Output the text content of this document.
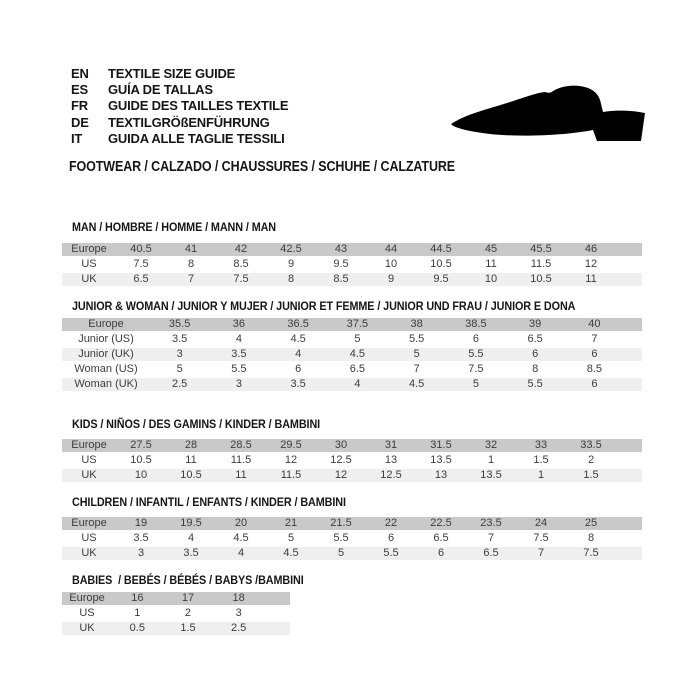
EN	TEXTILE SIZE GUIDE
ES	GUÍA DE TALLAS
FR	GUIDE DES TAILLES TEXTILE
DE	TEXTILGRÖßENFÜHRUNG
IT	GUIDA ALLE TAGLIE TESSILI
FOOTWEAR / CALZADO / CHAUSSURES / SCHUHE / CALZATURE
MAN / HOMBRE / HOMME / MANN / MAN
Europe	40.5	41	42	42.5	43	44	44.5	45	45.5	46	
US	7.5	8	8.5	9	9.5	10	10.5	11	11.5	12	
UK	6.5	7	7.5	8	8.5	9	9.5	10	10.5	11	
JUNIOR & WOMAN / JUNIOR Y MUJER / JUNIOR ET FEMME / JUNIOR UND FRAU / JUNIOR E DONA
Europe	35.5	36	36.5	37.5	38	38.5	39	40	
Junior (US)	3.5	4	4.5	5	5.5	6	6.5	7	
Junior (UK)	3	3.5	4	4.5	5	5.5	6	6	
Woman (US)	5	5.5	6	6.5	7	7.5	8	8.5	
Woman (UK)	2.5	3	3.5	4	4.5	5	5.5	6	
KIDS / NIÑOS / DES GAMINS / KINDER / BAMBINI
Europe	27.5	28	28.5	29.5	30	31	31.5	32	33	33.5	
US	10.5	11	11.5	12	12.5	13	13.5	1	1.5	2	
UK	10	10.5	11	11.5	12	12.5	13	13.5	1	1.5	
CHILDREN / INFANTIL / ENFANTS / KINDER / BAMBINI
Europe	19	19.5	20	21	21.5	22	22.5	23.5	24	25	
US	3.5	4	4.5	5	5.5	6	6.5	7	7.5	8	
UK	3	3.5	4	4.5	5	5.5	6	6.5	7	7.5	
BABIES  / BEBÉS / BÉBÉS / BABYS /BAMBINI
Europe	16	17	18	
US	1	2	3	
UK	0.5	1.5	2.5	
